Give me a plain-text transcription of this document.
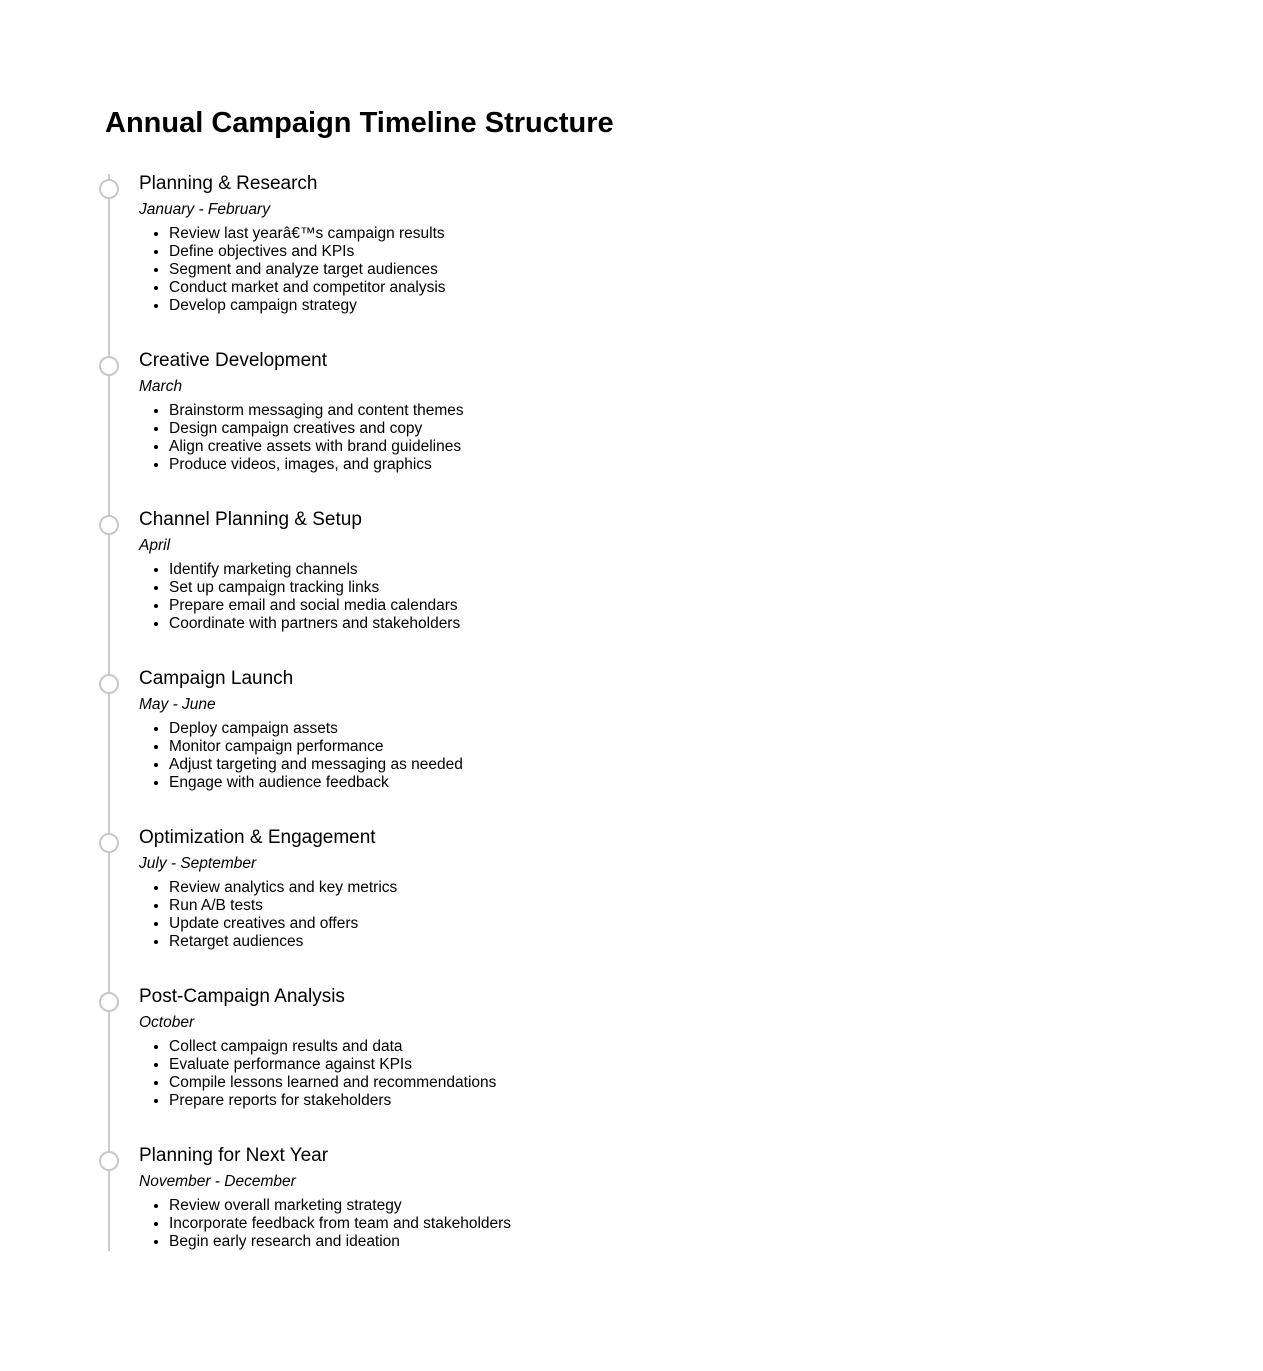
Annual Campaign Timeline Structure
Planning & Research

January - February

• Review last yearâ€™s campaign results
• Define objectives and KPIs
• Segment and analyze target audiences
• Conduct market and competitor analysis
• Develop campaign strategy
Creative Development

March

• Brainstorm messaging and content themes
• Design campaign creatives and copy
• Align creative assets with brand guidelines
• Produce videos, images, and graphics
Channel Planning & Setup

April

• Identify marketing channels
• Set up campaign tracking links
• Prepare email and social media calendars
• Coordinate with partners and stakeholders
Campaign Launch

May - June

• Deploy campaign assets
• Monitor campaign performance
• Adjust targeting and messaging as needed
• Engage with audience feedback
Optimization & Engagement

July - September

• Review analytics and key metrics
• Run A/B tests
• Update creatives and offers
• Retarget audiences
Post-Campaign Analysis

October

• Collect campaign results and data
• Evaluate performance against KPIs
• Compile lessons learned and recommendations
• Prepare reports for stakeholders
Planning for Next Year

November - December

• Review overall marketing strategy
• Incorporate feedback from team and stakeholders
• Begin early research and ideation
